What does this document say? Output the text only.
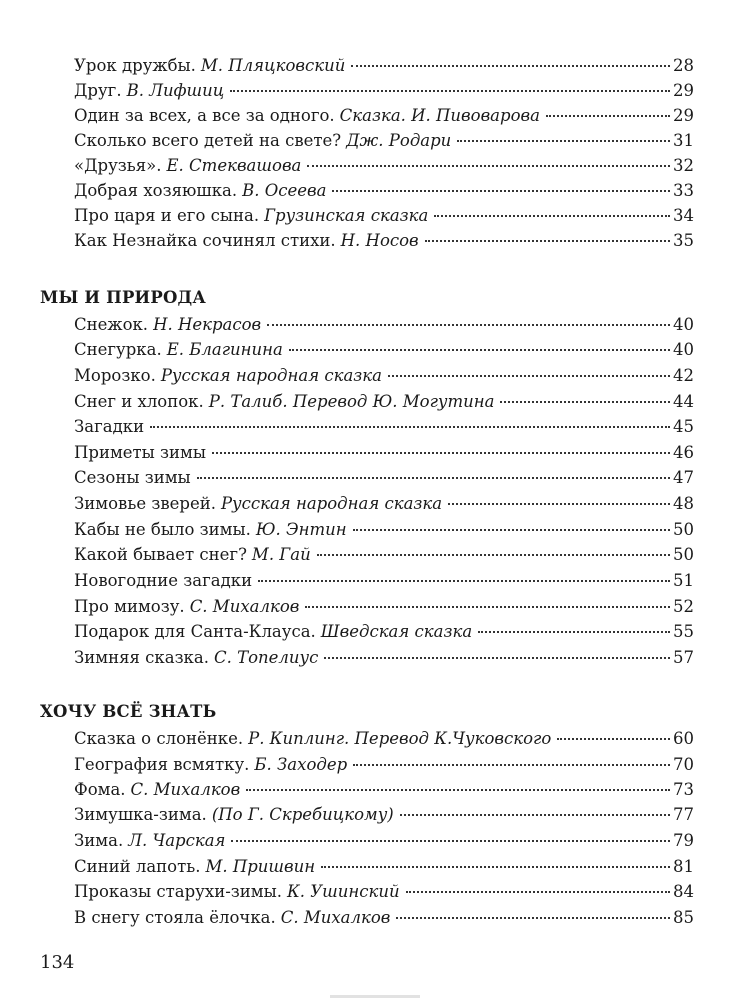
Урок дружбы. М. Пляцковский	28
Друг. В. Лифшиц	29
Один за всех, а все за одного. Сказка. И. Пивоварова	29
Сколько всего детей на свете? Дж. Родари	31
«Друзья». Е. Стеквашова	32
Добрая хозяюшка. В. Осеева	33
Про царя и его сына. Грузинская сказка	34
Как Незнайка сочинял стихи. Н. Носов	35
МЫ И ПРИРОДА
Снежок. Н. Некрасов	40
Снегурка. Е. Благинина	40
Морозко. Русская народная сказка	42
Снег и хлопок. Р. Талиб. Перевод Ю. Могутина	44
Загадки	45
Приметы зимы	46
Сезоны зимы	47
Зимовье зверей. Русская народная сказка	48
Кабы не было зимы. Ю. Энтин	50
Какой бывает снег? М. Гай	50
Новогодние загадки	51
Про мимозу. С. Михалков	52
Подарок для Санта-Клауса. Шведская сказка	55
Зимняя сказка. С. Топелиус	57
ХОЧУ ВСЁ ЗНАТЬ
Сказка о слонёнке. Р. Киплинг. Перевод К.Чуковского	60
География всмятку. Б. Заходер	70
Фома. С. Михалков	73
Зимушка-зима. (По Г. Скребицкому)	77
Зима. Л. Чарская	79
Синий лапоть. М. Пришвин	81
Проказы старухи-зимы. К. Ушинский	84
В снегу стояла ёлочка. С. Михалков	85
134
